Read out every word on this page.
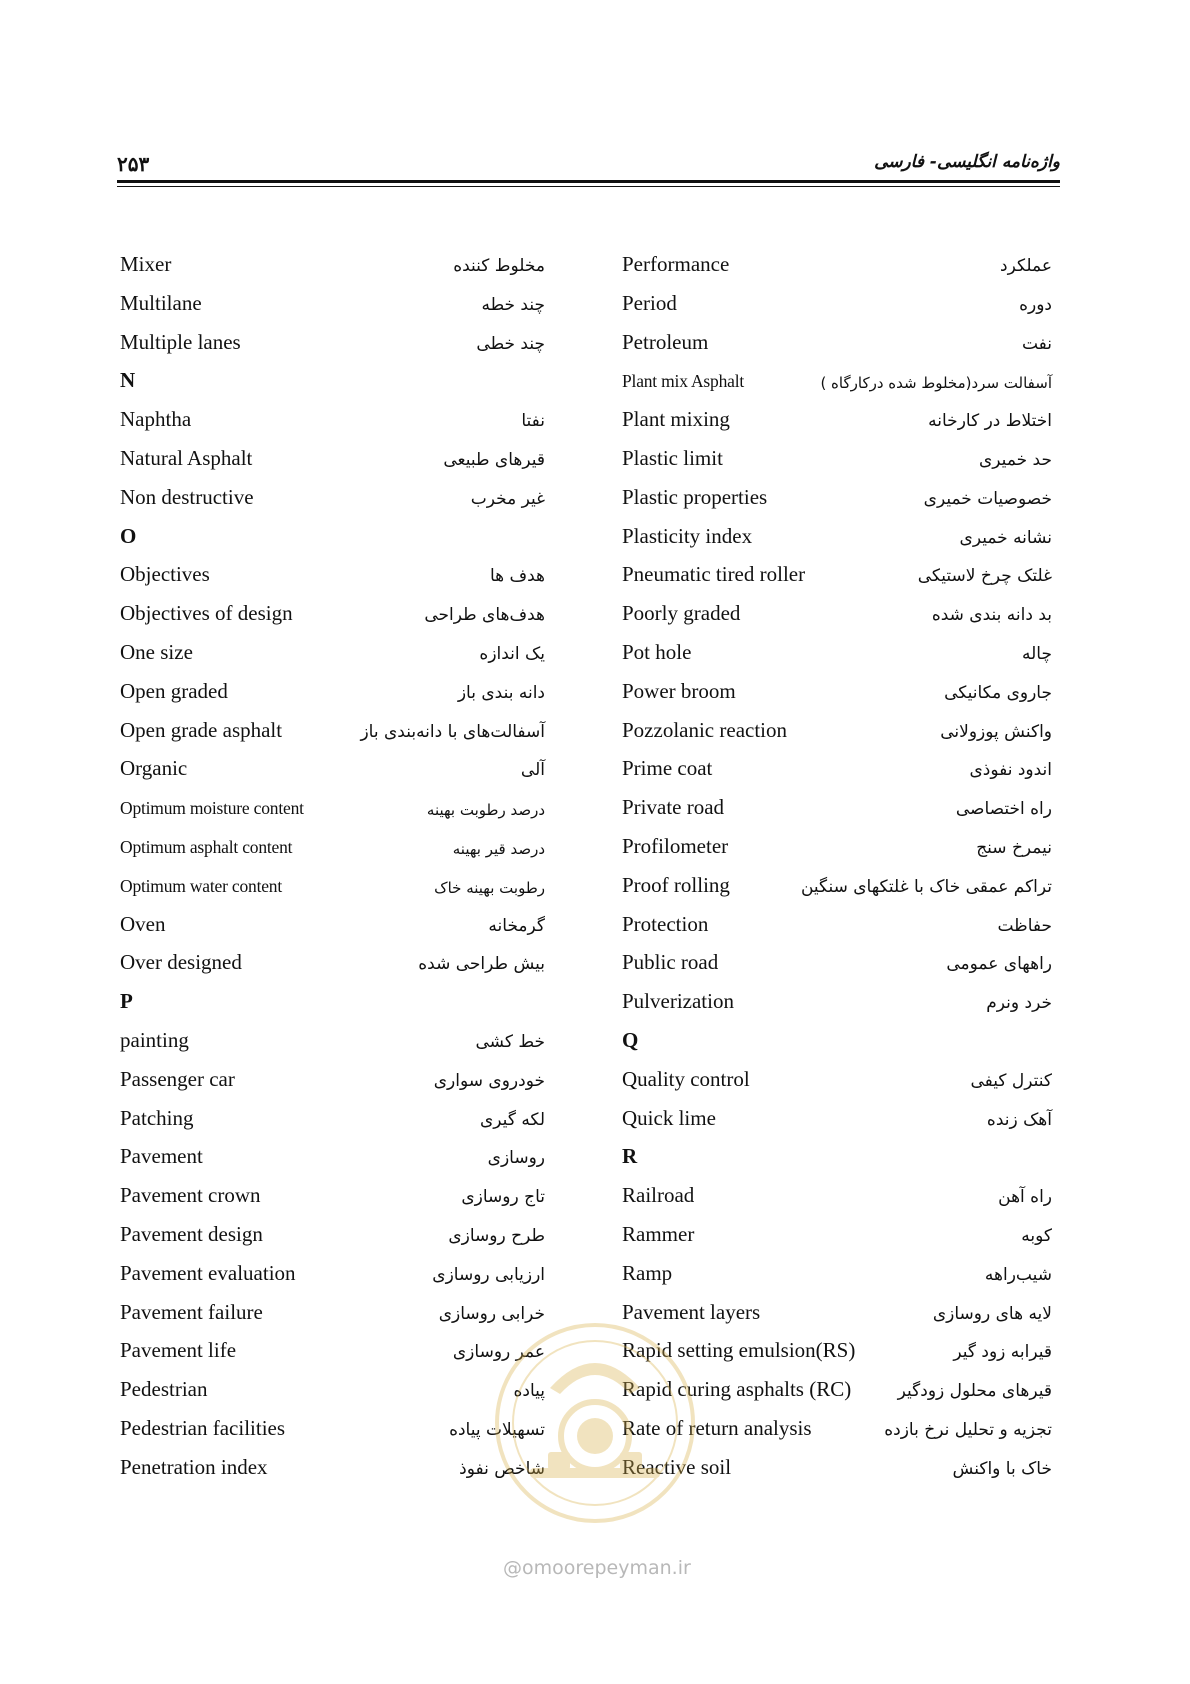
۲۵۳	واژه‌نامه انگلیسی- فارسی
Mixer	مخلوط کننده
Multilane	چند خطه
Multiple lanes	چند خطی
N
Naphtha	نفتا
Natural Asphalt	قیرهای طبیعی
Non destructive	غیر مخرب
O
Objectives	هدف ها
Objectives of design	هدف‌های طراحی
One size	یک اندازه
Open graded	دانه بندی باز
Open grade asphalt	آسفالت‌های با دانه‌بندی باز
Organic	آلی
Optimum moisture content	درصد رطوبت بهینه
Optimum asphalt content	درصد قیر بهینه
Optimum water content	رطوبت بهینه خاک
Oven	گرمخانه
Over designed	بیش طراحی شده
P
painting	خط کشی
Passenger car	خودروی سواری
Patching	لکه گیری
Pavement	روسازی
Pavement crown	تاج روسازی
Pavement design	طرح روسازی
Pavement evaluation	ارزیابی روسازی
Pavement failure	خرابی روسازی
Pavement life	عمر روسازی
Pedestrian	پیاده
Pedestrian facilities	تسهیلات پیاده
Penetration index	شاخص نفوذ
Performance	عملکرد
Period	دوره
Petroleum	نفت
Plant mix Asphalt	آسفالت سرد(مخلوط شده درکارگاه )
Plant mixing	اختلاط در کارخانه
Plastic limit	حد خمیری
Plastic properties	خصوصیات خمیری
Plasticity index	نشانه خمیری
Pneumatic tired roller	غلتک چرخ لاستیکی
Poorly graded	بد دانه بندی شده
Pot hole	چاله
Power broom	جاروی مکانیکی
Pozzolanic reaction	واکنش پوزولانی
Prime coat	اندود نفوذی
Private road	راه اختصاصی
Profilometer	نیمرخ سنج
Proof rolling	تراکم عمقی خاک با غلتکهای سنگین
Protection	حفاظت
Public road	راههای عمومی
Pulverization	خرد ونرم
Q
Quality control	کنترل کیفی
Quick lime	آهک زنده
R
Railroad	راه آهن
Rammer	کوبه
Ramp	شیب‌راهه
Pavement layers	لایه های روسازی
Rapid setting emulsion(RS)	قیرابه زود گیر
Rapid curing asphalts (RC)	قیرهای محلول زودگیر
Rate of return analysis	تجزیه و تحلیل نرخ بازده
Reactive soil	خاک با واکنش
@omoorepeyman.ir
